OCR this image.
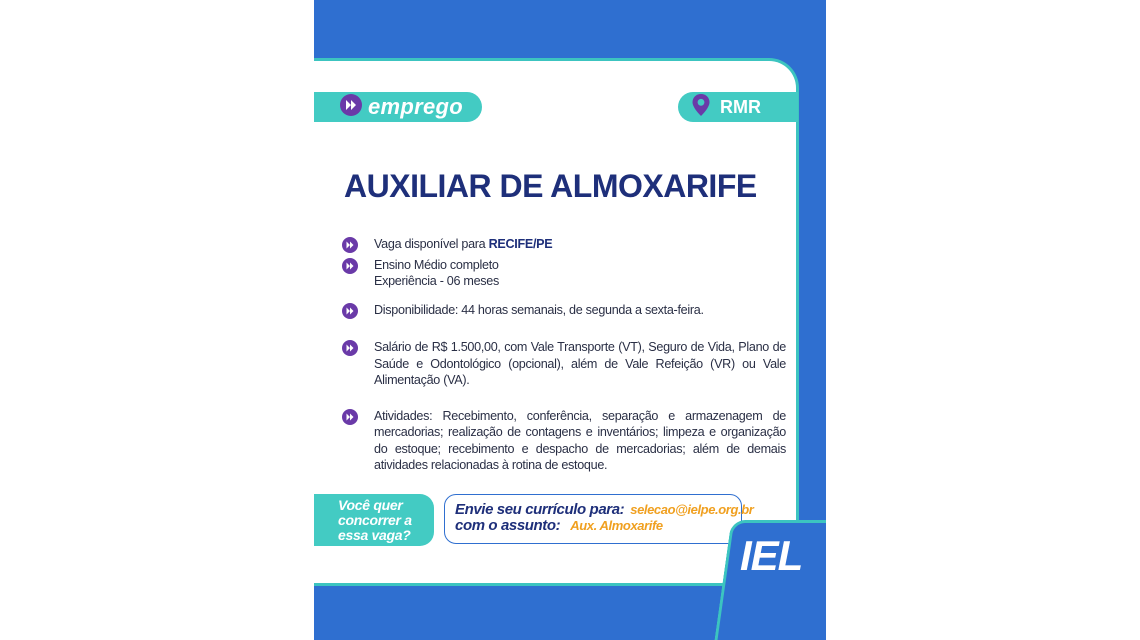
emprego	RMR
AUXILIAR DE ALMOXARIFE

Vaga disponível para RECIFE/PE

Ensino Médio completo

Experiência - 06 meses

Disponibilidade: 44 horas semanais, de segunda a sexta-feira.

Salário de R$ 1.500,00, com Vale Transporte (VT), Seguro de Vida, Plano de Saúde e Odontológico (opcional), além de Vale Refeição (VR) ou Vale Alimentação (VA).

Atividades: Recebimento, conferência, separação e armazenagem de mercadorias; realização de contagens e inventários; limpeza e organização do estoque; recebimento e despacho de mercadorias; além de demais atividades relacionadas à rotina de estoque.

Você quer
concorrer a
essa vaga?
Envie seu currículo para: selecao@ielpe.org.br
com o assunto: Aux. Almoxarife
IEL
